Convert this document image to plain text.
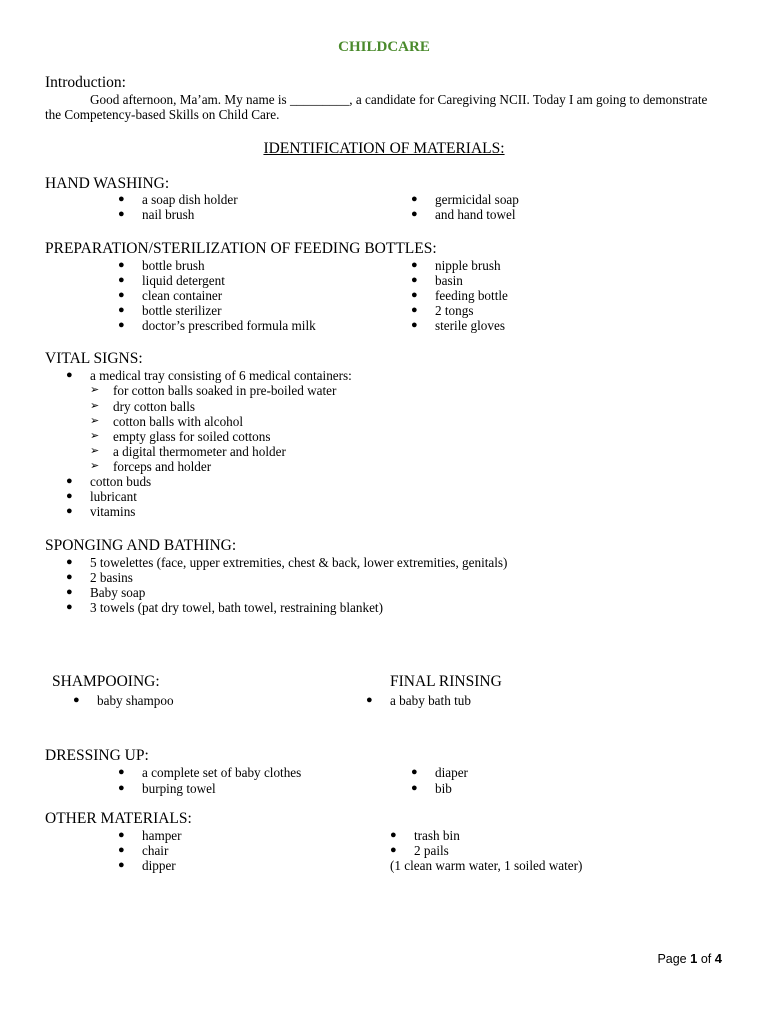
CHILDCARE
Introduction:
Good afternoon, Ma’am. My name is _________, a candidate for Caregiving NCII. Today I am going to demonstrate the Competency-based Skills on Child Care.
IDENTIFICATION OF MATERIALS:
HAND WASHING:
● a soap dish holder
● nail brush
● germicidal soap
● and hand towel
PREPARATION/STERILIZATION OF FEEDING BOTTLES:
● bottle brush
● liquid detergent
● clean container
● bottle sterilizer
● doctor’s prescribed formula milk
● nipple brush
● basin
● feeding bottle
● 2 tongs
● sterile gloves
VITAL SIGNS:
● a medical tray consisting of 6 medical containers:
➢ for cotton balls soaked in pre-boiled water
➢ dry cotton balls
➢ cotton balls with alcohol
➢ empty glass for soiled cottons
➢ a digital thermometer and holder
➢ forceps and holder
● cotton buds
● lubricant
● vitamins
SPONGING AND BATHING:
● 5 towelettes (face, upper extremities, chest & back, lower extremities, genitals)
● 2 basins
● Baby soap
● 3 towels (pat dry towel, bath towel, restraining blanket)
SHAMPOOING:
● baby shampoo
FINAL RINSING
● a baby bath tub
DRESSING UP:
● a complete set of baby clothes
● burping towel
● diaper
● bib
OTHER MATERIALS:
● hamper
● chair
● dipper
● trash bin
● 2 pails
(1 clean warm water, 1 soiled water)
Page 1 of 4
